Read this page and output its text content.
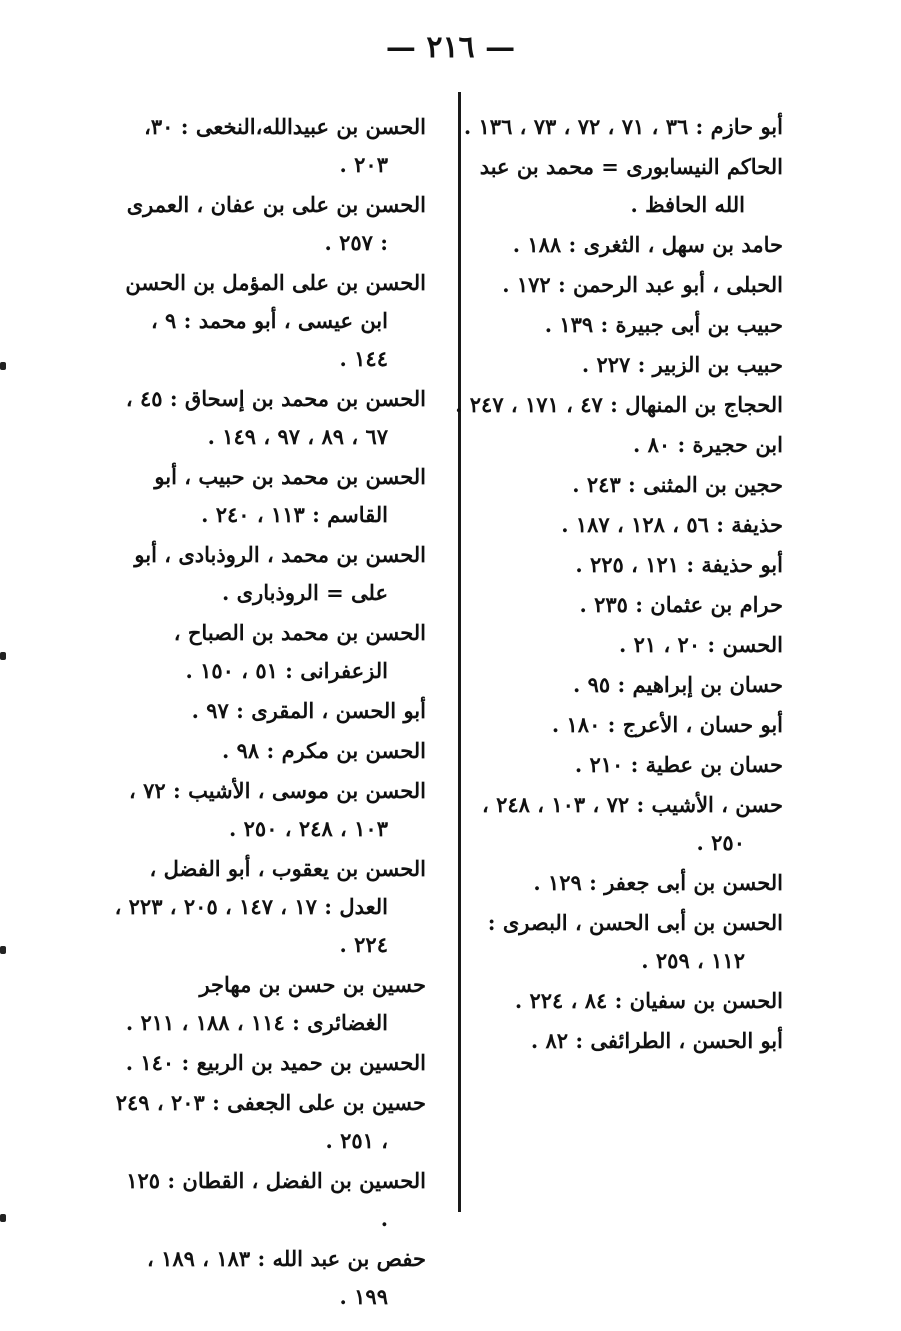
— ٢١٦ —

أبو حازم : ٣٦ ، ٧١ ، ٧٢ ، ٧٣ ، ١٣٦ .

الحاكم النيسابورى = محمد بن عبد الله الحافظ .

حامد بن سهل ، الثغرى : ١٨٨ .

الحبلى ، أبو عبد الرحمن : ١٧٢ .

حبيب بن أبى جبيرة : ١٣٩ .

حبيب بن الزبير : ٢٢٧ .

الحجاج بن المنهال : ٤٧ ، ١٧١ ، ٢٤٧ .

ابن حجيرة : ٨٠ .

حجين بن المثنى : ٢٤٣ .

حذيفة : ٥٦ ، ١٢٨ ، ١٨٧ .

أبو حذيفة : ١٢١ ، ٢٢٥ .

حرام بن عثمان : ٢٣٥ .

الحسن : ٢٠ ، ٢١ .

حسان بن إبراهيم : ٩٥ .

أبو حسان ، الأعرج : ١٨٠ .

حسان بن عطية : ٢١٠ .

حسن ، الأشيب : ٧٢ ، ١٠٣ ، ٢٤٨ ، ٢٥٠ .

الحسن بن أبى جعفر : ١٢٩ .

الحسن بن أبى الحسن ، البصرى : ١١٢ ، ٢٥٩ .

الحسن بن سفيان : ٨٤ ، ٢٢٤ .

أبو الحسن ، الطرائفى : ٨٢ .

الحسن بن عبيدالله،النخعى : ٣٠، ٢٠٣ .

الحسن بن على بن عفان ، العمرى : ٢٥٧ .

الحسن بن على المؤمل بن الحسن ابن عيسى ، أبو محمد : ٩ ، ١٤٤ .

الحسن بن محمد بن إسحاق : ٤٥ ، ٦٧ ، ٨٩ ، ٩٧ ، ١٤٩ .

الحسن بن محمد بن حبيب ، أبو القاسم : ١١٣ ، ٢٤٠ .

الحسن بن محمد ، الروذبادى ، أبو على = الروذبارى .

الحسن بن محمد بن الصباح ، الزعفرانى : ٥١ ، ١٥٠ .

أبو الحسن ، المقرى : ٩٧ .

الحسن بن مكرم : ٩٨ .

الحسن بن موسى ، الأشيب : ٧٢ ، ١٠٣ ، ٢٤٨ ، ٢٥٠ .

الحسن بن يعقوب ، أبو الفضل ، العدل : ١٧ ، ١٤٧ ، ٢٠٥ ، ٢٢٣ ، ٢٢٤ .

حسين بن حسن بن مهاجر الغضائرى : ١١٤ ، ١٨٨ ، ٢١١ .

الحسين بن حميد بن الربيع : ١٤٠ .

حسين بن على الجعفى : ٢٠٣ ، ٢٤٩ ، ٢٥١ .

الحسين بن الفضل ، القطان : ١٢٥ .

حفص بن عبد الله : ١٨٣ ، ١٨٩ ، ١٩٩ .
